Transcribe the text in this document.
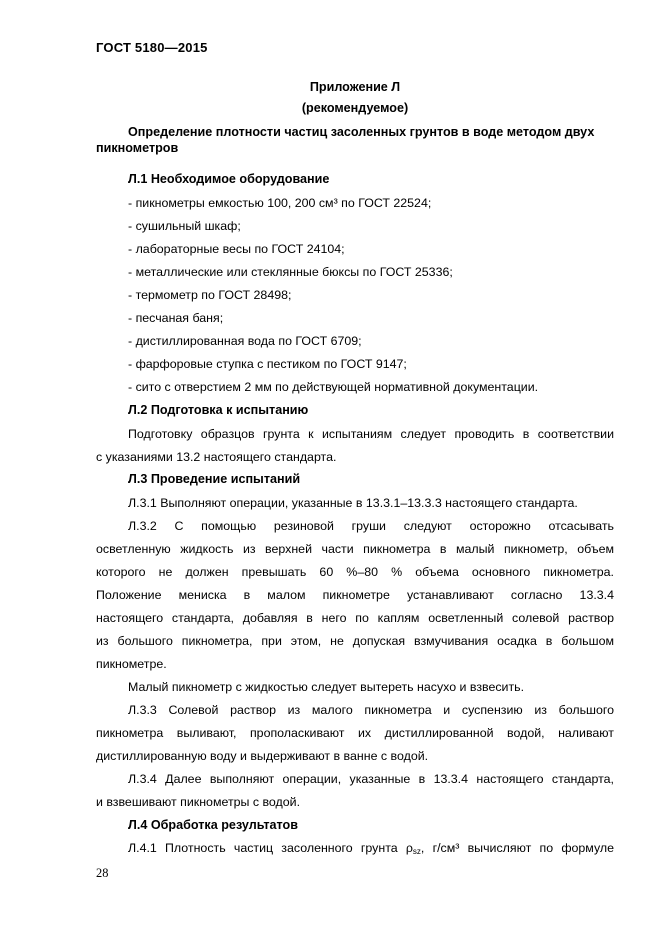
ГОСТ 5180—2015
Приложение Л
(рекомендуемое)
Определение плотности частиц засоленных грунтов в воде методом двух пикнометров
Л.1 Необходимое оборудование
- пикнометры емкостью 100, 200 см³ по ГОСТ 22524;
- сушильный шкаф;
- лабораторные весы по ГОСТ 24104;
- металлические или стеклянные бюксы по ГОСТ 25336;
- термометр по ГОСТ 28498;
- песчаная баня;
- дистиллированная вода по ГОСТ 6709;
- фарфоровые ступка с пестиком по ГОСТ 9147;
- сито с отверстием 2 мм по действующей нормативной документации.
Л.2 Подготовка к испытанию
Подготовку образцов грунта к испытаниям следует проводить в соответствии
с указаниями 13.2 настоящего стандарта.
Л.3 Проведение испытаний
Л.3.1 Выполняют операции, указанные в 13.3.1–13.3.3 настоящего стандарта.
Л.3.2 С помощью резиновой груши следуют осторожно отсасывать
осветленную жидкость из верхней части пикнометра в малый пикнометр, объем
которого не должен превышать 60 %–80 % объема основного пикнометра.
Положение мениска в малом пикнометре устанавливают согласно 13.3.4
настоящего стандарта, добавляя в него по каплям осветленный солевой раствор
из большого пикнометра, при этом, не допуская взмучивания осадка в большом
пикнометре.
Малый пикнометр с жидкостью следует вытереть насухо и взвесить.
Л.3.3 Солевой раствор из малого пикнометра и суспензию из большого
пикнометра выливают, прополаскивают их дистиллированной водой, наливают
дистиллированную воду и выдерживают в ванне с водой.
Л.3.4 Далее выполняют операции, указанные в 13.3.4 настоящего стандарта,
и взвешивают пикнометры с водой.
Л.4 Обработка результатов
Л.4.1 Плотность частиц засоленного грунта $\rho_{sz}$, г/см³ вычисляют по формуле
28
